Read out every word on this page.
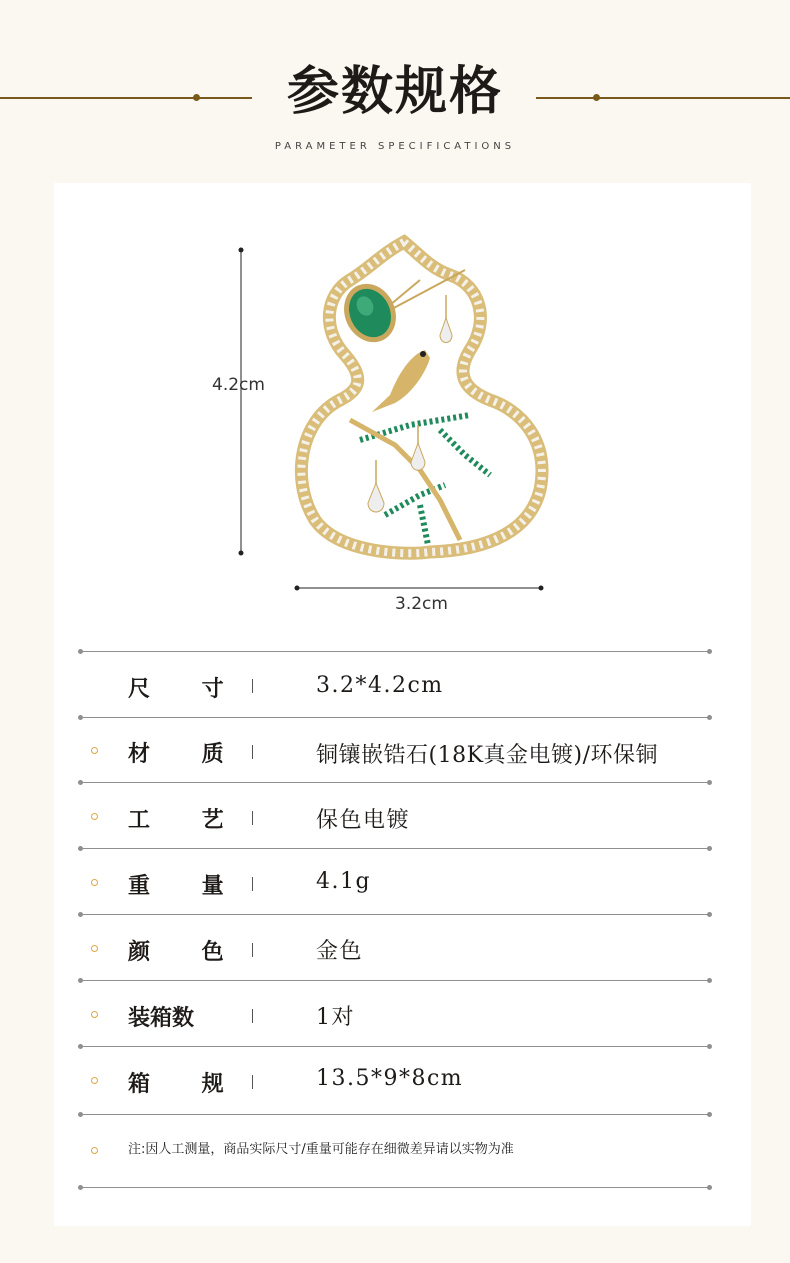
参数规格
PARAMETER SPECIFICATIONS
4.2cm
3.2cm
尺 寸	3.2*4.2cm
材 质	铜镶嵌锆石(18K真金电镀)/环保铜
工 艺	保色电镀
重 量	4.1g
颜 色	金色
装箱数	1对
箱 规	13.5*9*8cm
注:因人工测量，商品实际尺寸/重量可能存在细微差异请以实物为准
